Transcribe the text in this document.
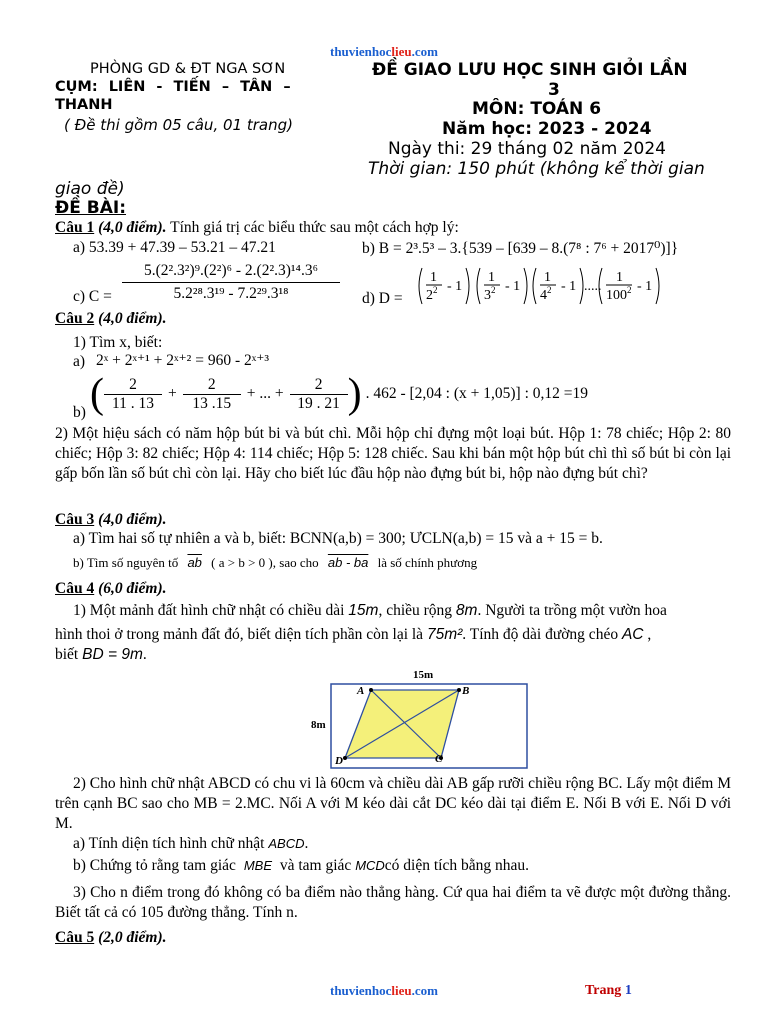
thuvienhoclieu.com
PHÒNG GD & ĐT NGA SƠN
CỤM: LIÊN - TIẾN – TÂN –
THANH
( Đề thi gồm 05 câu, 01 trang)
ĐỀ GIAO LƯU HỌC SINH GIỎI LẦN
3
MÔN: TOÁN 6
Năm học: 2023 - 2024
Ngày thi: 29 tháng 02 năm 2024
Thời gian: 150 phút (không kể thời gian
giao đề)
ĐỀ BÀI:
Câu 1 (4,0 điểm). Tính giá trị các biểu thức sau một cách hợp lý:
a) 53.39 + 47.39 – 53.21 – 47.21	b) B = 2³.5³ – 3.{539 – [639 – 8.(7⁸ : 7⁶ + 2017⁰)]}
c) $C = \frac{\text{5.(2².3²)⁹.(2²)⁶ - 2.(2².3)¹⁴.3⁶}}{\text{5.2²⁸.3¹⁹ - 7.2²⁹.3¹⁸}} d$) D =
1
$2^2 - 1$
1
$3^2 - 1$
1
$4^2 - 1$ .....
1
$100^2 - 1$
Câu 2 (4,0 điểm).
1) Tìm x, biết:
a) 2ˣ + 2ˣ⁺¹ + 2ˣ⁺² = 960 - 2ˣ⁺³
b) ( $\frac{2}{11 . 13} + \frac{2}{13 .15}$ + ... + $\frac{2}{19 . 21}$ ) . 462 - [2,04 : (x + 1,05)] : 0,12 =19
2) Một hiệu sách có năm hộp bút bi và bút chì. Mỗi hộp chỉ đựng một loại bút. Hộp 1: 78 chiếc; Hộp 2: 80 chiếc; Hộp 3: 82 chiếc; Hộp 4: 114 chiếc; Hộp 5: 128 chiếc. Sau khi bán một hộp bút chì thì số bút bi còn lại gấp bốn lần số bút chì còn lại. Hãy cho biết lúc đầu hộp nào đựng bút bi, hộp nào đựng bút chì?
Câu 3 (4,0 điểm).
a) Tìm hai số tự nhiên a và b, biết: BCNN(a,b) = 300; ƯCLN(a,b) = 15 và a + 15 = b.
b) Tìm số nguyên tố $\overline{ab}$ ( a > b > 0 ), sao cho ab - ba là số chính phương
Câu 4 (6,0 điểm).
1) Một mảnh đất hình chữ nhật có chiều dài 15m, chiều rộng 8m. Người ta trồng một vườn hoa
hình thoi ở trong mảnh đất đó, biết diện tích phần còn lại là 75m². Tính độ dài đường chéo AC ,
biết BD = 9m.
15m
8m
A	B
C
D
2) Cho hình chữ nhật ABCD có chu vi là 60cm và chiều dài AB gấp rưỡi chiều rộng BC. Lấy một điểm M trên cạnh BC sao cho MB = 2.MC. Nối A với M kéo dài cắt DC kéo dài tại điểm E. Nối B với E. Nối D với M.
a) Tính diện tích hình chữ nhật ABCD.
b) Chứng tỏ rằng tam giác MBE và tam giác MCDcó diện tích bằng nhau.
3) Cho n điểm trong đó không có ba điểm nào thẳng hàng. Cứ qua hai điểm ta vẽ được một đường thẳng. Biết tất cả có 105 đường thẳng. Tính n.
Câu 5 (2,0 điểm).
thuvienhoclieu.com	Trang 1
